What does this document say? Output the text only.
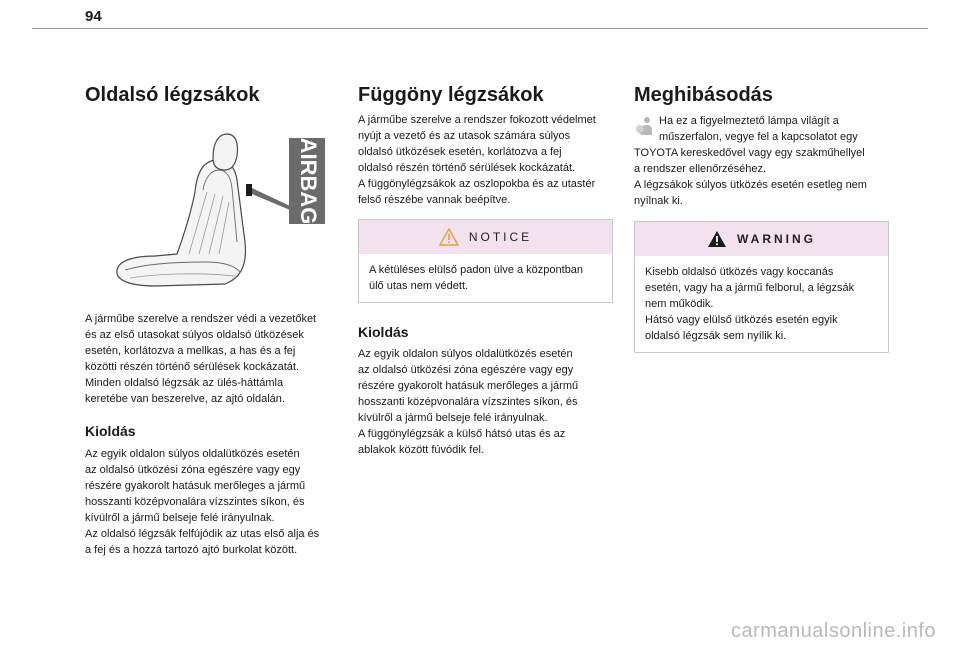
94
Oldalsó légzsákok
AIRBAG

A járműbe szerelve a rendszer védi a vezetőket
és az első utasokat súlyos oldalsó ütközések
esetén, korlátozva a mellkas, a has és a fej
közötti részén történő sérülések kockázatát.
Minden oldalsó légzsák az ülés-háttámla
keretébe van beszerelve, az ajtó oldalán.

Kioldás

Az egyik oldalon súlyos oldalütközés esetén
az oldalsó ütközési zóna egészére vagy egy
részére gyakorolt hatásuk merőleges a jármű
hosszanti középvonalára vízszintes síkon, és
kívülről a jármű belseje felé irányulnak.
Az oldalsó légzsák felfújódik az utas első alja és
a fej és a hozzá tartozó ajtó burkolat között.

Függöny légzsákok

A járműbe szerelve a rendszer fokozott védelmet
nyújt a vezető és az utasok számára súlyos
oldalsó ütközések esetén, korlátozva a fej
oldalsó részén történő sérülések kockázatát.
A függönylégzsákok az oszlopokba és az utastér
felső részébe vannak beépítve.

NOTICE

A kétüléses elülső padon ülve a központban
ülő utas nem védett.

Kioldás

Az egyik oldalon súlyos oldalütközés esetén
az oldalsó ütközési zóna egészére vagy egy
részére gyakorolt hatásuk merőleges a jármű
hosszanti középvonalára vízszintes síkon, és
kívülről a jármű belseje felé irányulnak.
A függönylégzsák a külső hátsó utas és az
ablakok között fúvódik fel.

Meghibásodás

Ha ez a figyelmeztető lámpa világít a
műszerfalon, vegye fel a kapcsolatot egy

TOYOTA kereskedővel vagy egy szakműhellyel
a rendszer ellenőrzéséhez.
A légzsákok súlyos ütközés esetén esetleg nem
nyílnak ki.

WARNING

Kisebb oldalsó ütközés vagy koccanás
esetén, vagy ha a jármű felborul, a légzsák
nem működik.
Hátsó vagy elülső ütközés esetén egyik
oldalsó légzsák sem nyílik ki.

carmanualsonline.info
